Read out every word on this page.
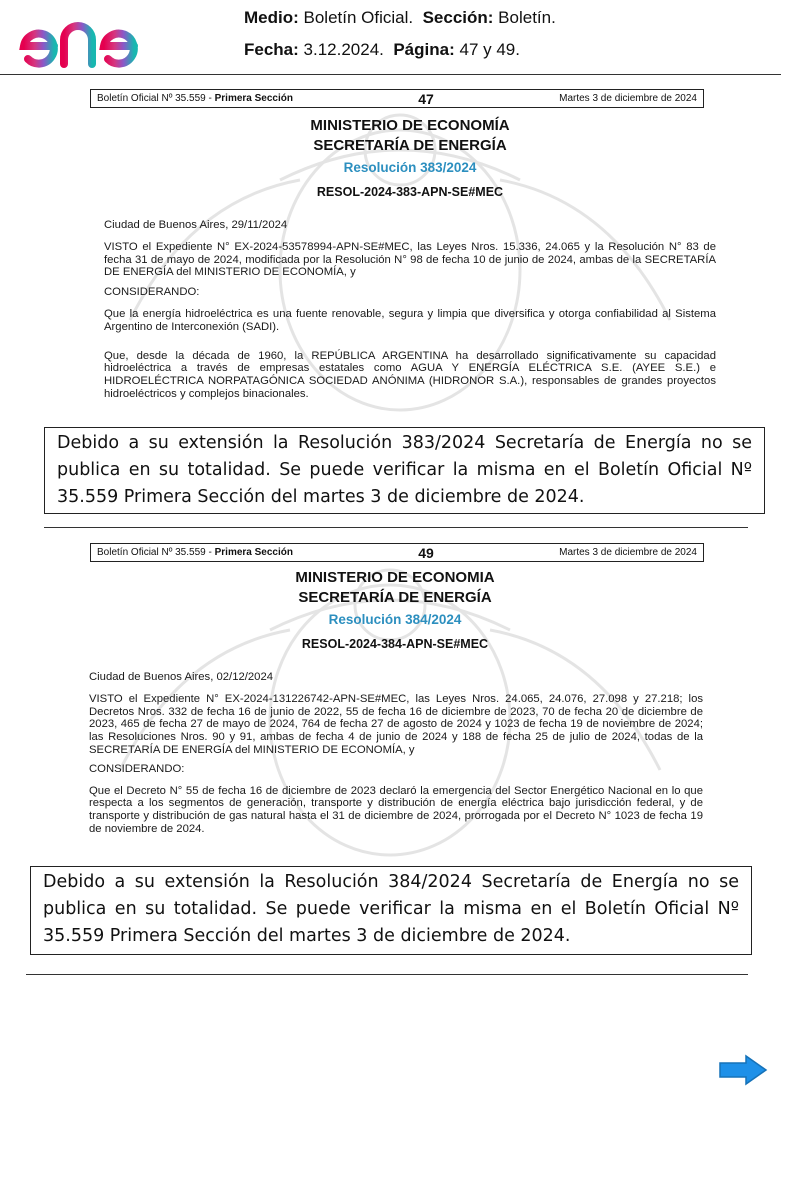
Medio: Boletín Oficial. Sección: Boletín.
Fecha: 3.12.2024. Página: 47 y 49.
Boletín Oficial Nº 35.559 - Primera Sección	47	Martes 3 de diciembre de 2024
MINISTERIO DE ECONOMÍA
SECRETARÍA DE ENERGÍA
Resolución 383/2024
RESOL-2024-383-APN-SE#MEC

Ciudad de Buenos Aires, 29/11/2024

VISTO el Expediente N° EX-2024-53578994-APN-SE#MEC, las Leyes Nros. 15.336, 24.065 y la Resolución N° 83 de fecha 31 de mayo de 2024, modificada por la Resolución N° 98 de fecha 10 de junio de 2024, ambas de la SECRETARÍA DE ENERGÍA del MINISTERIO DE ECONOMÍA, y

CONSIDERANDO:

Que la energía hidroeléctrica es una fuente renovable, segura y limpia que diversifica y otorga confiabilidad al Sistema Argentino de Interconexión (SADI).

Que, desde la década de 1960, la REPÚBLICA ARGENTINA ha desarrollado significativamente su capacidad hidroeléctrica a través de empresas estatales como AGUA Y ENERGÍA ELÉCTRICA S.E. (AYEE S.E.) e HIDROELÉCTRICA NORPATAGÓNICA SOCIEDAD ANÓNIMA (HIDRONOR S.A.), responsables de grandes proyectos hidroeléctricos y complejos binacionales.

Debido a su extensión la Resolución 383/2024 Secretaría de Energía no se publica en su totalidad. Se puede verificar la misma en el Boletín Oficial Nº 35.559 Primera Sección del martes 3 de diciembre de 2024.
Boletín Oficial Nº 35.559 - Primera Sección	49	Martes 3 de diciembre de 2024
MINISTERIO DE ECONOMIA
SECRETARÍA DE ENERGÍA
Resolución 384/2024
RESOL-2024-384-APN-SE#MEC

Ciudad de Buenos Aires, 02/12/2024

VISTO el Expediente N° EX-2024-131226742-APN-SE#MEC, las Leyes Nros. 24.065, 24.076, 27.098 y 27.218; los Decretos Nros. 332 de fecha 16 de junio de 2022, 55 de fecha 16 de diciembre de 2023, 70 de fecha 20 de diciembre de 2023, 465 de fecha 27 de mayo de 2024, 764 de fecha 27 de agosto de 2024 y 1023 de fecha 19 de noviembre de 2024; las Resoluciones Nros. 90 y 91, ambas de fecha 4 de junio de 2024 y 188 de fecha 25 de julio de 2024, todas de la SECRETARÍA DE ENERGÍA del MINISTERIO DE ECONOMÍA, y

CONSIDERANDO:

Que el Decreto N° 55 de fecha 16 de diciembre de 2023 declaró la emergencia del Sector Energético Nacional en lo que respecta a los segmentos de generación, transporte y distribución de energía eléctrica bajo jurisdicción federal, y de transporte y distribución de gas natural hasta el 31 de diciembre de 2024, prorrogada por el Decreto N° 1023 de fecha 19 de noviembre de 2024.

Debido a su extensión la Resolución 384/2024 Secretaría de Energía no se publica en su totalidad. Se puede verificar la misma en el Boletín Oficial Nº 35.559 Primera Sección del martes 3 de diciembre de 2024.
